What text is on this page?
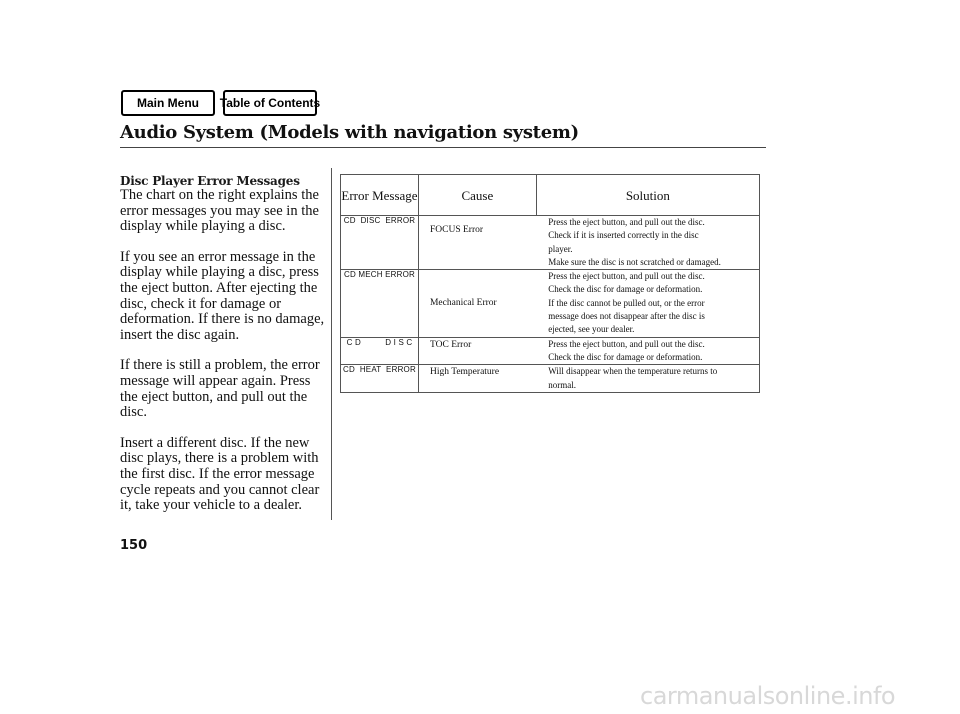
Main Menu	Table of Contents
Audio System (Models with navigation system)
Disc Player Error Messages

The chart on the right explains the error messages you may see in the display while playing a disc.

If you see an error message in the display while playing a disc, press the eject button. After ejecting the disc, check it for damage or deformation. If there is no damage, insert the disc again.

If there is still a problem, the error message will appear again. Press the eject button, and pull out the disc.

Insert a different disc. If the new disc plays, there is a problem with the first disc. If the error message cycle repeats and you cannot clear it, take your vehicle to a dealer.

Error Message	Cause	Solution
CD  DISC  ERROR	FOCUS Error	Press the eject button, and pull out the disc.
Check if it is inserted correctly in the disc
player.
Make sure the disc is not scratched or damaged.

CD MECH ERROR	Mechanical Error	Press the eject button, and pull out the disc.
Check the disc for damage or deformation.
If the disc cannot be pulled out, or the error
message does not disappear after the disc is
ejected, see your dealer.

C D          D I S C	TOC Error	Press the eject button, and pull out the disc.
Check the disc for damage or deformation.

CD  HEAT  ERROR	High Temperature	Will disappear when the temperature returns to
normal.
150
carmanualsonline.info
